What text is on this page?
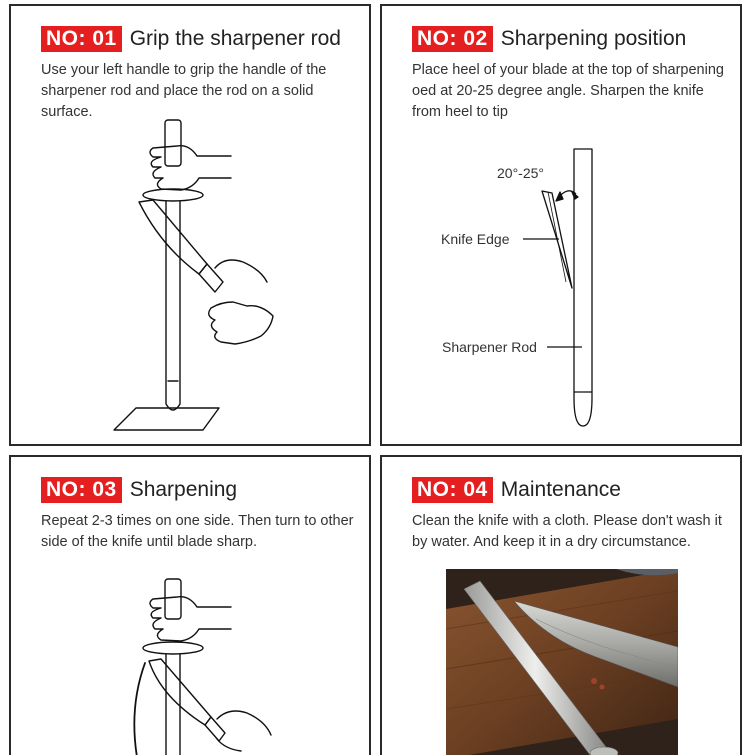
NO: 01 Grip the sharpener rod
Use your left handle to grip the handle of the sharpener rod and place the rod on a solid surface.
NO: 02 Sharpening position
Place heel of your blade at the top of sharpening oed at 20-25 degree angle. Sharpen the knife from heel to tip
20°-25°
Knife Edge
Sharpener Rod
NO: 03 Sharpening
Repeat 2-3 times on one side. Then turn to other side of the knife until blade sharp.
NO: 04 Maintenance
Clean the knife with a cloth. Please don't wash it by water. And keep it in a dry circumstance.
